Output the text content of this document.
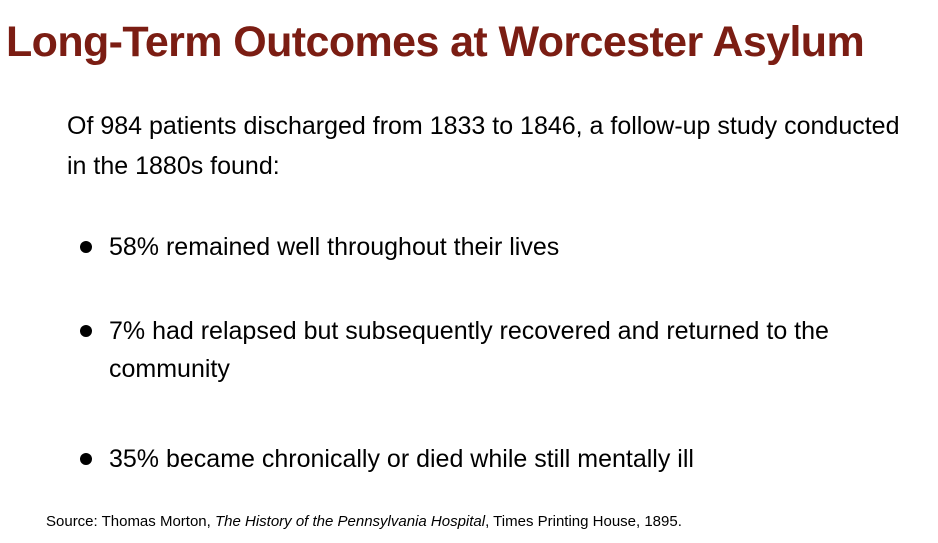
Long-Term Outcomes at Worcester Asylum

Of 984 patients discharged from 1833 to 1846, a follow-up study conducted in the 1880s found:

58% remained well throughout their lives
7% had relapsed but subsequently recovered and returned to the community
35% became chronically or died while still mentally ill

Source: Thomas Morton, The History of the Pennsylvania Hospital, Times Printing House, 1895.
